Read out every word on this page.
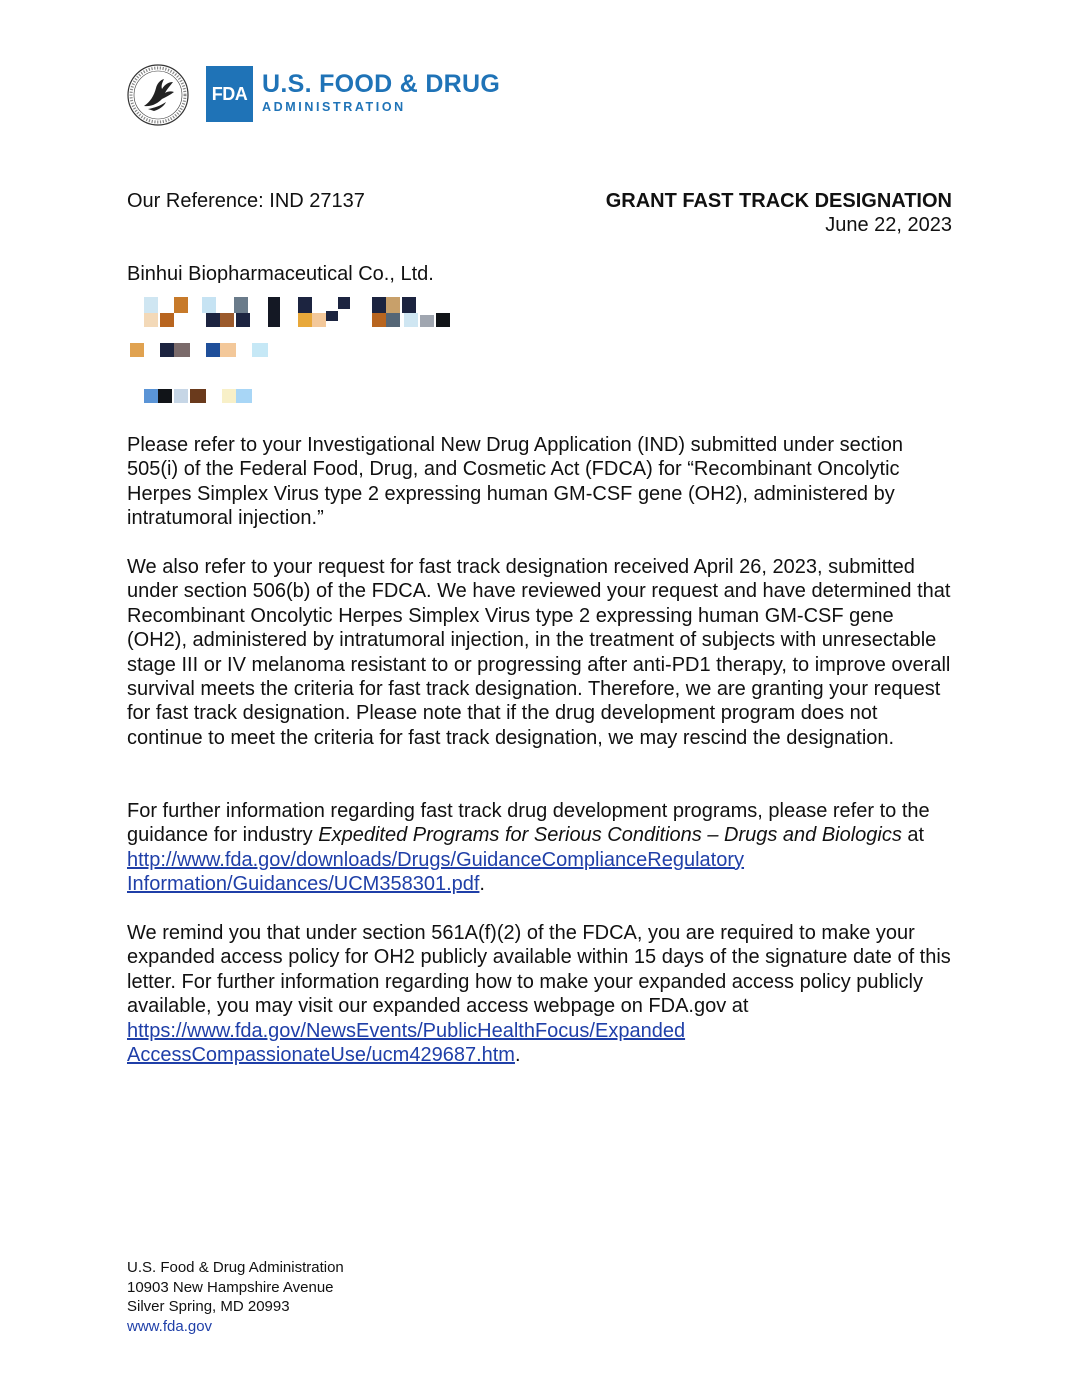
FDA U.S. FOOD & DRUG
ADMINISTRATION
Our Reference: IND 27137	GRANT FAST TRACK DESIGNATION
June 22, 2023
Binhui Biopharmaceutical Co., Ltd.
Please refer to your Investigational New Drug Application (IND) submitted under section 505(i) of the Federal Food, Drug, and Cosmetic Act (FDCA) for “Recombinant Oncolytic Herpes Simplex Virus type 2 expressing human GM-CSF gene (OH2), administered by intratumoral injection.”
We also refer to your request for fast track designation received April 26, 2023, submitted under section 506(b) of the FDCA. We have reviewed your request and have determined that Recombinant Oncolytic Herpes Simplex Virus type 2 expressing human GM-CSF gene (OH2), administered by intratumoral injection, in the treatment of subjects with unresectable stage III or IV melanoma resistant to or progressing after anti-PD1 therapy, to improve overall survival meets the criteria for fast track designation. Therefore, we are granting your request for fast track designation. Please note that if the drug development program does not continue to meet the criteria for fast track designation, we may rescind the designation.
For further information regarding fast track drug development programs, please refer to the guidance for industry Expedited Programs for Serious Conditions – Drugs and Biologics at http://www.fda.gov/downloads/Drugs/GuidanceComplianceRegulatory Information/Guidances/UCM358301.pdf.
We remind you that under section 561A(f)(2) of the FDCA, you are required to make your expanded access policy for OH2 publicly available within 15 days of the signature date of this letter. For further information regarding how to make your expanded access policy publicly available, you may visit our expanded access webpage on FDA.gov at https://www.fda.gov/NewsEvents/PublicHealthFocus/Expanded AccessCompassionateUse/ucm429687.htm.
U.S. Food & Drug Administration
10903 New Hampshire Avenue
Silver Spring, MD 20993
www.fda.gov
